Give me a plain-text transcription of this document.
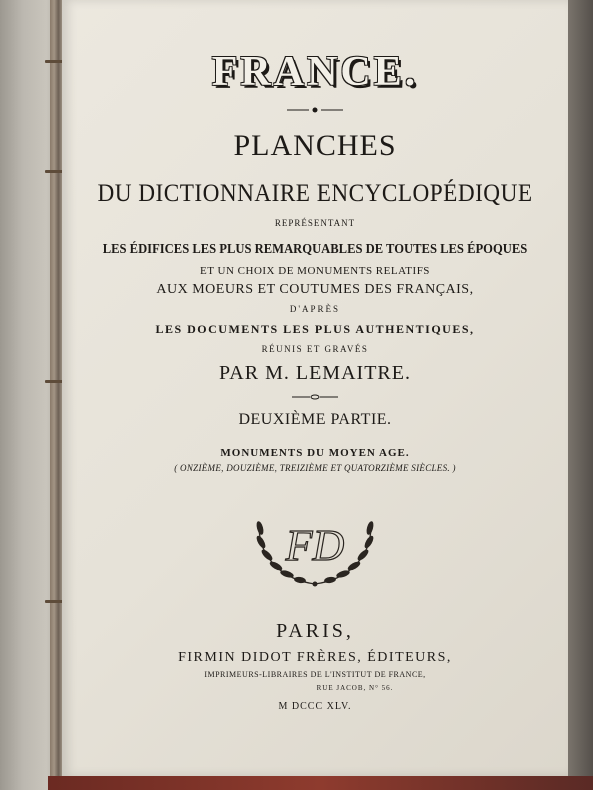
FRANCE.
PLANCHES
DU DICTIONNAIRE ENCYCLOPÉDIQUE
REPRÉSENTANT
LES ÉDIFICES LES PLUS REMARQUABLES DE TOUTES LES ÉPOQUES
ET UN CHOIX DE MONUMENTS RELATIFS
AUX MOEURS ET COUTUMES DES FRANÇAIS,
D'APRÈS
LES DOCUMENTS LES PLUS AUTHENTIQUES,
RÉUNIS ET GRAVÉS
PAR M. LEMAITRE.
DEUXIÈME PARTIE.
MONUMENTS DU MOYEN AGE.
( ONZIÈME, DOUZIÈME, TREIZIÈME ET QUATORZIÈME SIÈCLES. )
FD
PARIS,
FIRMIN DIDOT FRÈRES, ÉDITEURS,
IMPRIMEURS-LIBRAIRES DE L'INSTITUT DE FRANCE,
RUE JACOB, N° 56.
M DCCC XLV.
